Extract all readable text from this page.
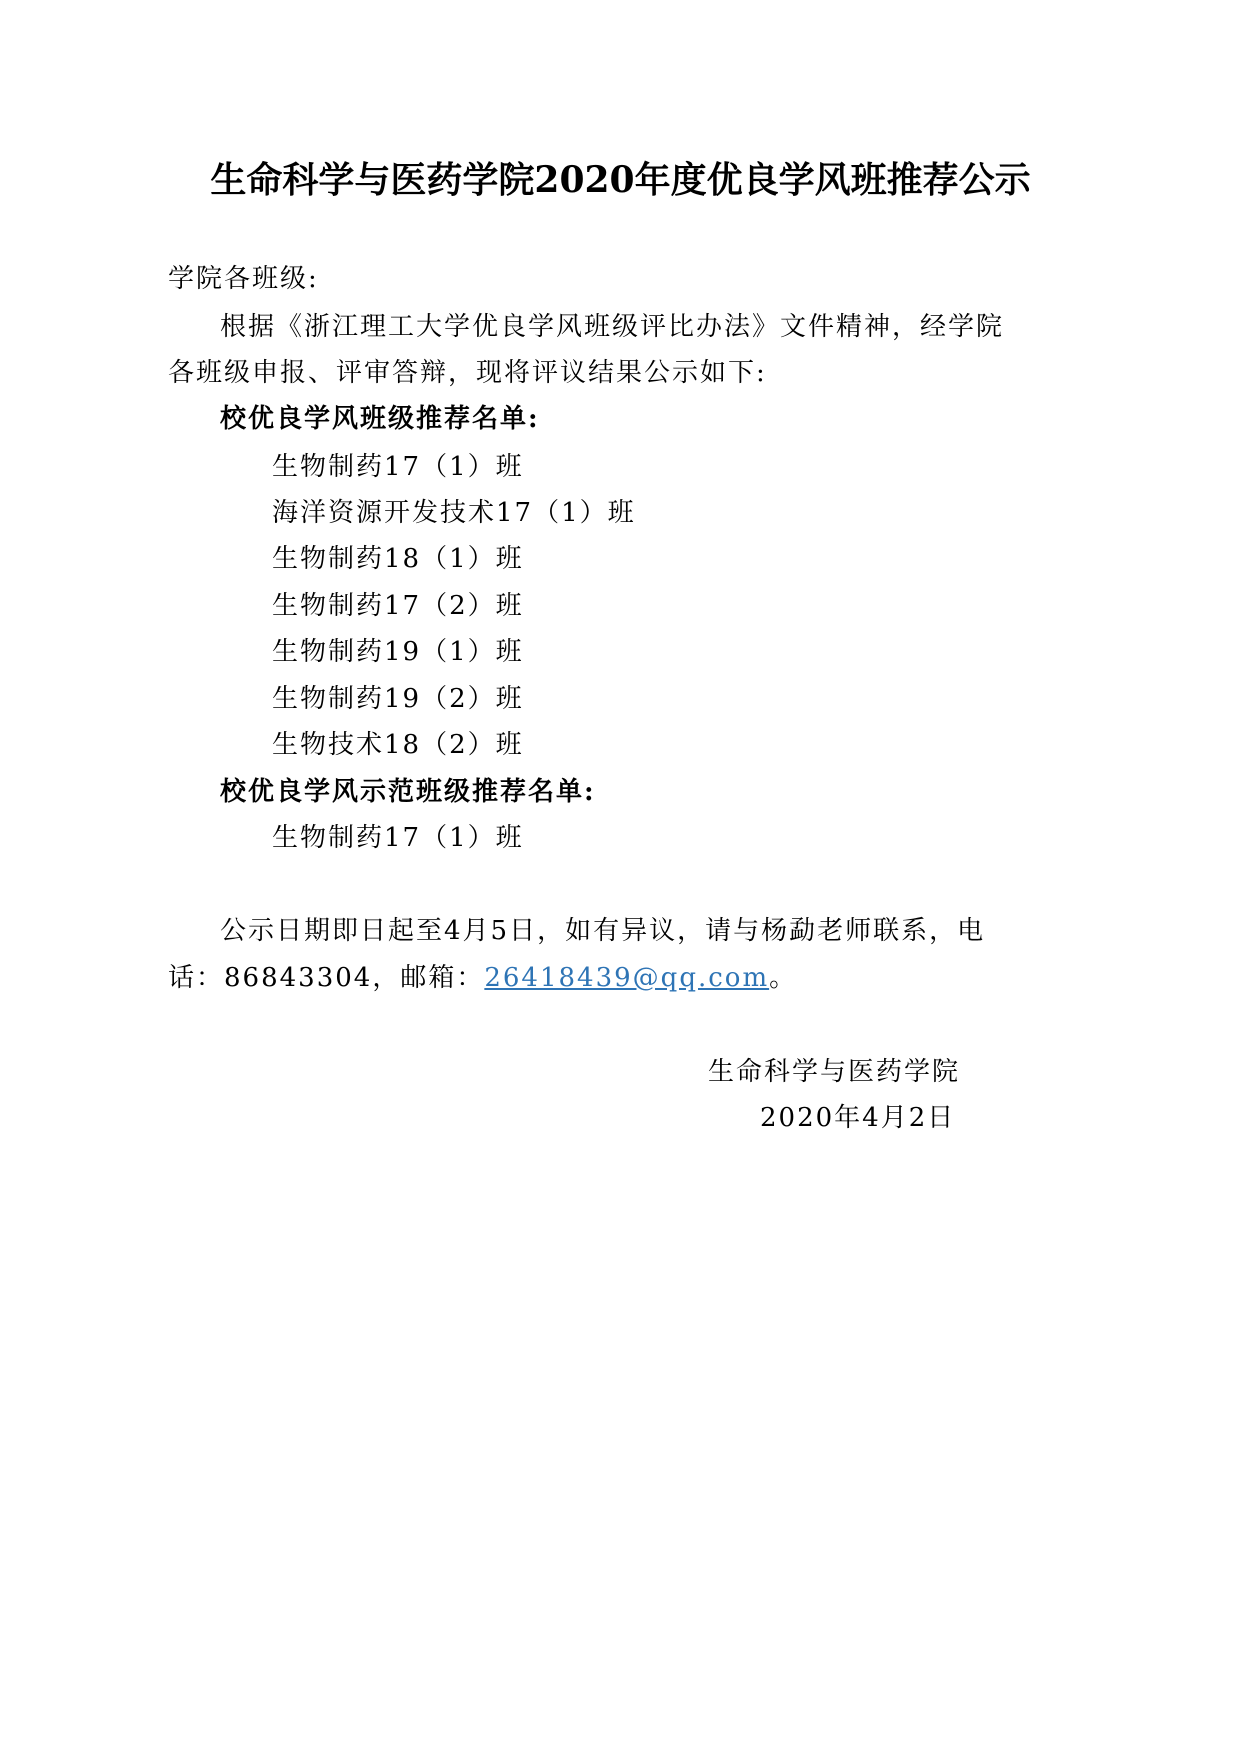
生命科学与医药学院2020年度优良学风班推荐公示

学院各班级:

根据《浙江理工大学优良学风班级评比办法》文件精神，经学院

各班级申报、评审答辩，现将评议结果公示如下:

校优良学风班级推荐名单:

生物制药17（1）班

海洋资源开发技术17（1）班

生物制药18（1）班

生物制药17（2）班

生物制药19（1）班

生物制药19（2）班

生物技术18（2）班

校优良学风示范班级推荐名单:

生物制药17（1）班

公示日期即日起至4月5日，如有异议，请与杨勐老师联系，电

话：86843304，邮箱：26418439@qq.com。

生命科学与医药学院

2020年4月2日
